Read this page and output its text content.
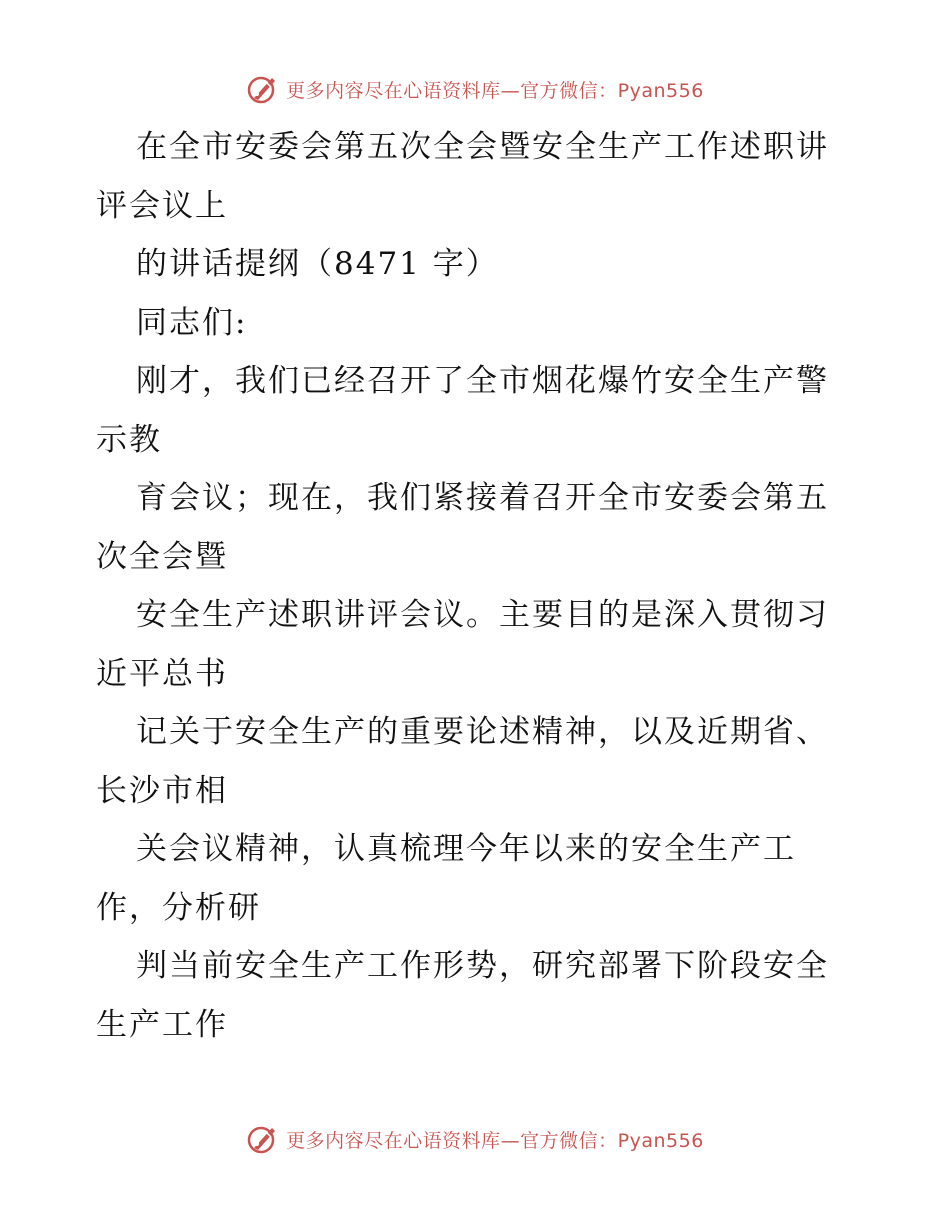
更多内容尽在心语资料库—官方微信：Pyan556
在全市安委会第五次全会暨安全生产工作述职讲
评会议上
的讲话提纲（8471 字）
同志们:
刚才，我们已经召开了全市烟花爆竹安全生产警
示教
育会议；现在，我们紧接着召开全市安委会第五
次全会暨
安全生产述职讲评会议。主要目的是深入贯彻习
近平总书
记关于安全生产的重要论述精神，以及近期省、
长沙市相
关会议精神，认真梳理今年以来的安全生产工
作，分析研
判当前安全生产工作形势，研究部署下阶段安全
生产工作
更多内容尽在心语资料库—官方微信：Pyan556
